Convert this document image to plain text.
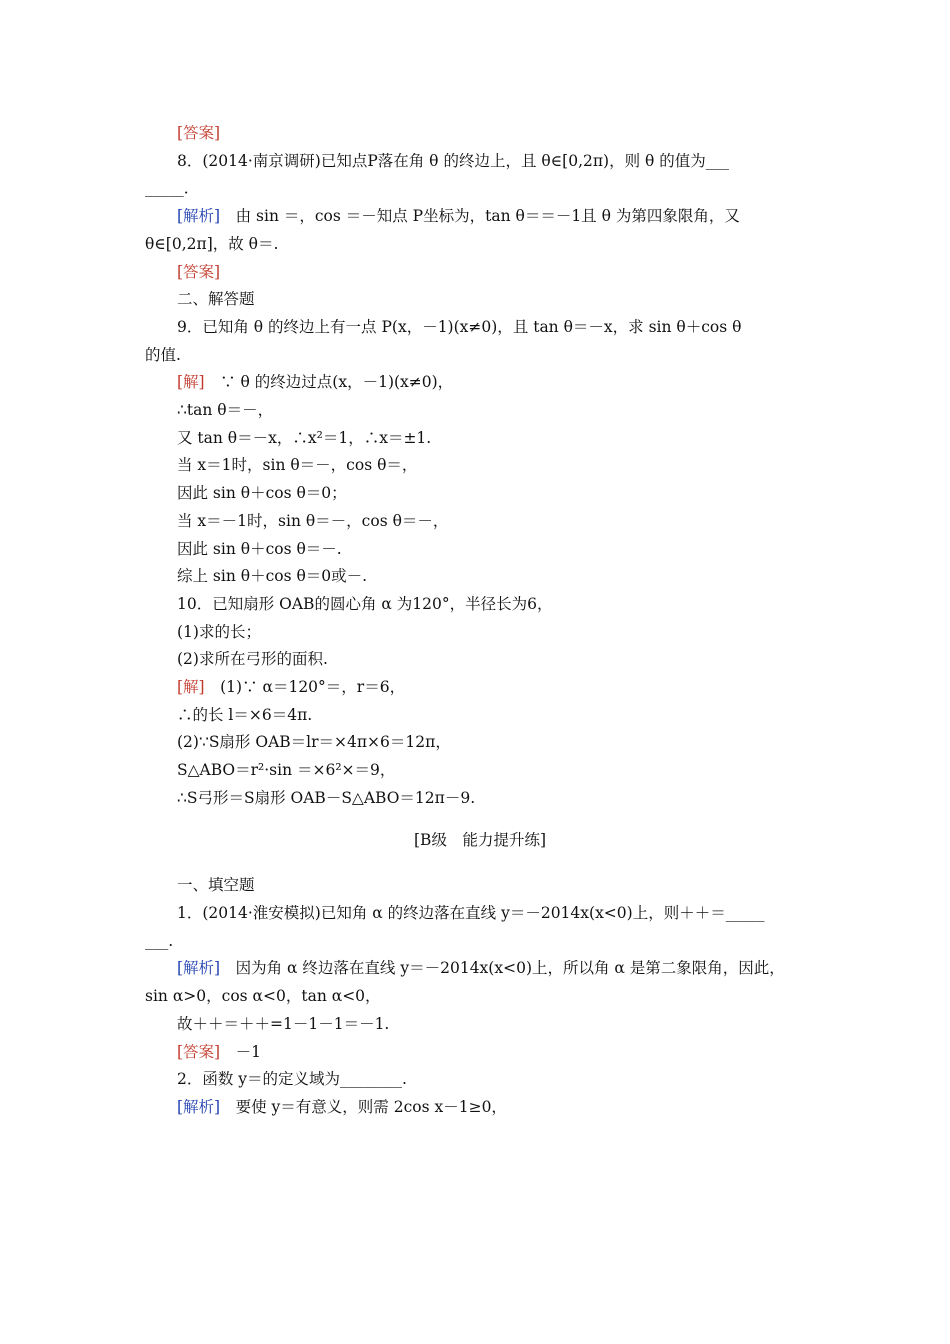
[答案]
8．(2014·南京调研)已知点P落在角 θ 的终边上，且 θ∈[0,2π)，则 θ 的值为___
_____．
[解析]　由 sin ＝，cos ＝－知点 P坐标为，tan θ＝＝－1且 θ 为第四象限角，又
θ∈[0,2π]，故 θ＝.
[答案]
二、解答题
9．已知角 θ 的终边上有一点 P(x，－1)(x≠0)，且 tan θ＝－x，求 sin θ＋cos θ
的值.
[解]　∵ θ 的终边过点(x，－1)(x≠0)，
∴tan θ＝－，
又 tan θ＝－x，∴x²＝1，∴x＝±1.
当 x＝1时，sin θ＝－，cos θ＝，
因此 sin θ＋cos θ＝0；
当 x＝－1时，sin θ＝－，cos θ＝－，
因此 sin θ＋cos θ＝－.
综上 sin θ＋cos θ＝0或－.
10．已知扇形 OAB的圆心角 α 为120°，半径长为6，
(1)求的长；
(2)求所在弓形的面积.
[解]　(1)∵ α＝120°＝，r＝6，
∴的长 l＝×6＝4π.
(2)∵S扇形 OAB＝lr＝×4π×6＝12π，
S△ABO＝r²·sin ＝×6²×＝9，
∴S弓形＝S扇形 OAB－S△ABO＝12π－9.
[B级　能力提升练]
一、填空题
1．(2014·淮安模拟)已知角 α 的终边落在直线 y＝－2014x(x<0)上，则＋＋＝_____
___.
[解析]　因为角 α 终边落在直线 y＝－2014x(x<0)上，所以角 α 是第二象限角，因此，
sin α>0，cos α<0，tan α<0，
故＋＋＝＋＋=1－1－1＝－1.
[答案]　－1
2．函数 y＝的定义域为________.
[解析]　要使 y＝有意义，则需 2cos x－1≥0，
